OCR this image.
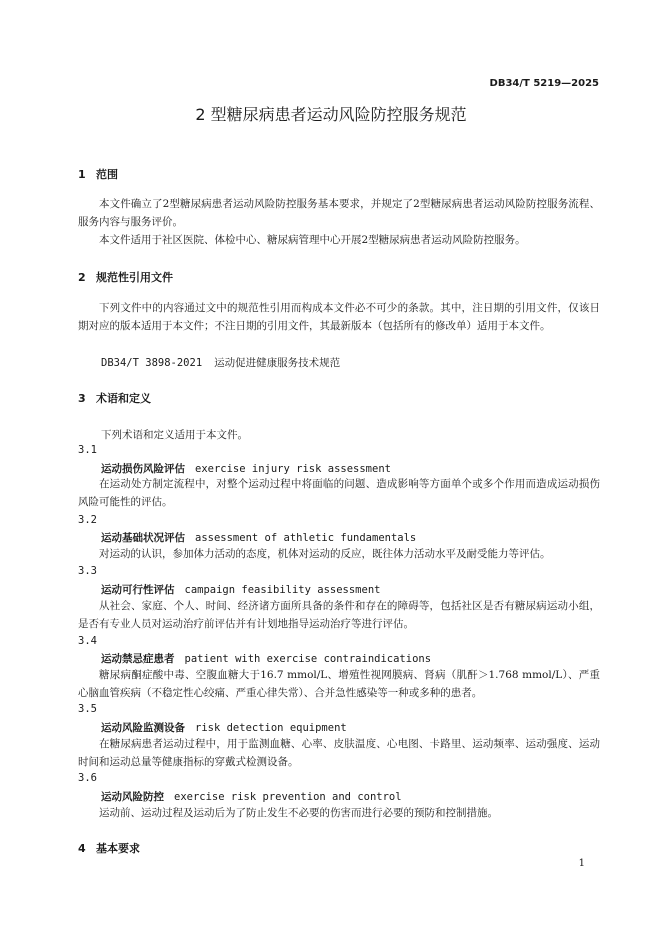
DB34/T 5219—2025
2 型糖尿病患者运动风险防控服务规范
1 范围
本文件确立了2型糖尿病患者运动风险防控服务基本要求，并规定了2型糖尿病患者运动风险防控服务流程、服务内容与服务评价。
本文件适用于社区医院、体检中心、糖尿病管理中心开展2型糖尿病患者运动风险防控服务。
2 规范性引用文件
下列文件中的内容通过文中的规范性引用而构成本文件必不可少的条款。其中，注日期的引用文件，仅该日期对应的版本适用于本文件；不注日期的引用文件，其最新版本（包括所有的修改单）适用于本文件。
DB34/T 3898-2021 运动促进健康服务技术规范
3 术语和定义
下列术语和定义适用于本文件。
3.1
运动损伤风险评估 exercise injury risk assessment
在运动处方制定流程中，对整个运动过程中将面临的问题、造成影响等方面单个或多个作用而造成运动损伤风险可能性的评估。
3.2
运动基础状况评估 assessment of athletic fundamentals
对运动的认识，参加体力活动的态度，机体对运动的反应，既往体力活动水平及耐受能力等评估。
3.3
运动可行性评估 campaign feasibility assessment
从社会、家庭、个人、时间、经济诸方面所具备的条件和存在的障碍等，包括社区是否有糖尿病运动小组，是否有专业人员对运动治疗前评估并有计划地指导运动治疗等进行评估。
3.4
运动禁忌症患者 patient with exercise contraindications
糖尿病酮症酸中毒、空腹血糖大于16.7 mmol/L、增殖性视网膜病、肾病（肌酐＞1.768 mmol/L）、严重心脑血管疾病（不稳定性心绞痛、严重心律失常）、合并急性感染等一种或多种的患者。
3.5
运动风险监测设备 risk detection equipment
在糖尿病患者运动过程中，用于监测血糖、心率、皮肤温度、心电图、卡路里、运动频率、运动强度、运动时间和运动总量等健康指标的穿戴式检测设备。
3.6
运动风险防控 exercise risk prevention and control
运动前、运动过程及运动后为了防止发生不必要的伤害而进行必要的预防和控制措施。
4 基本要求
1
